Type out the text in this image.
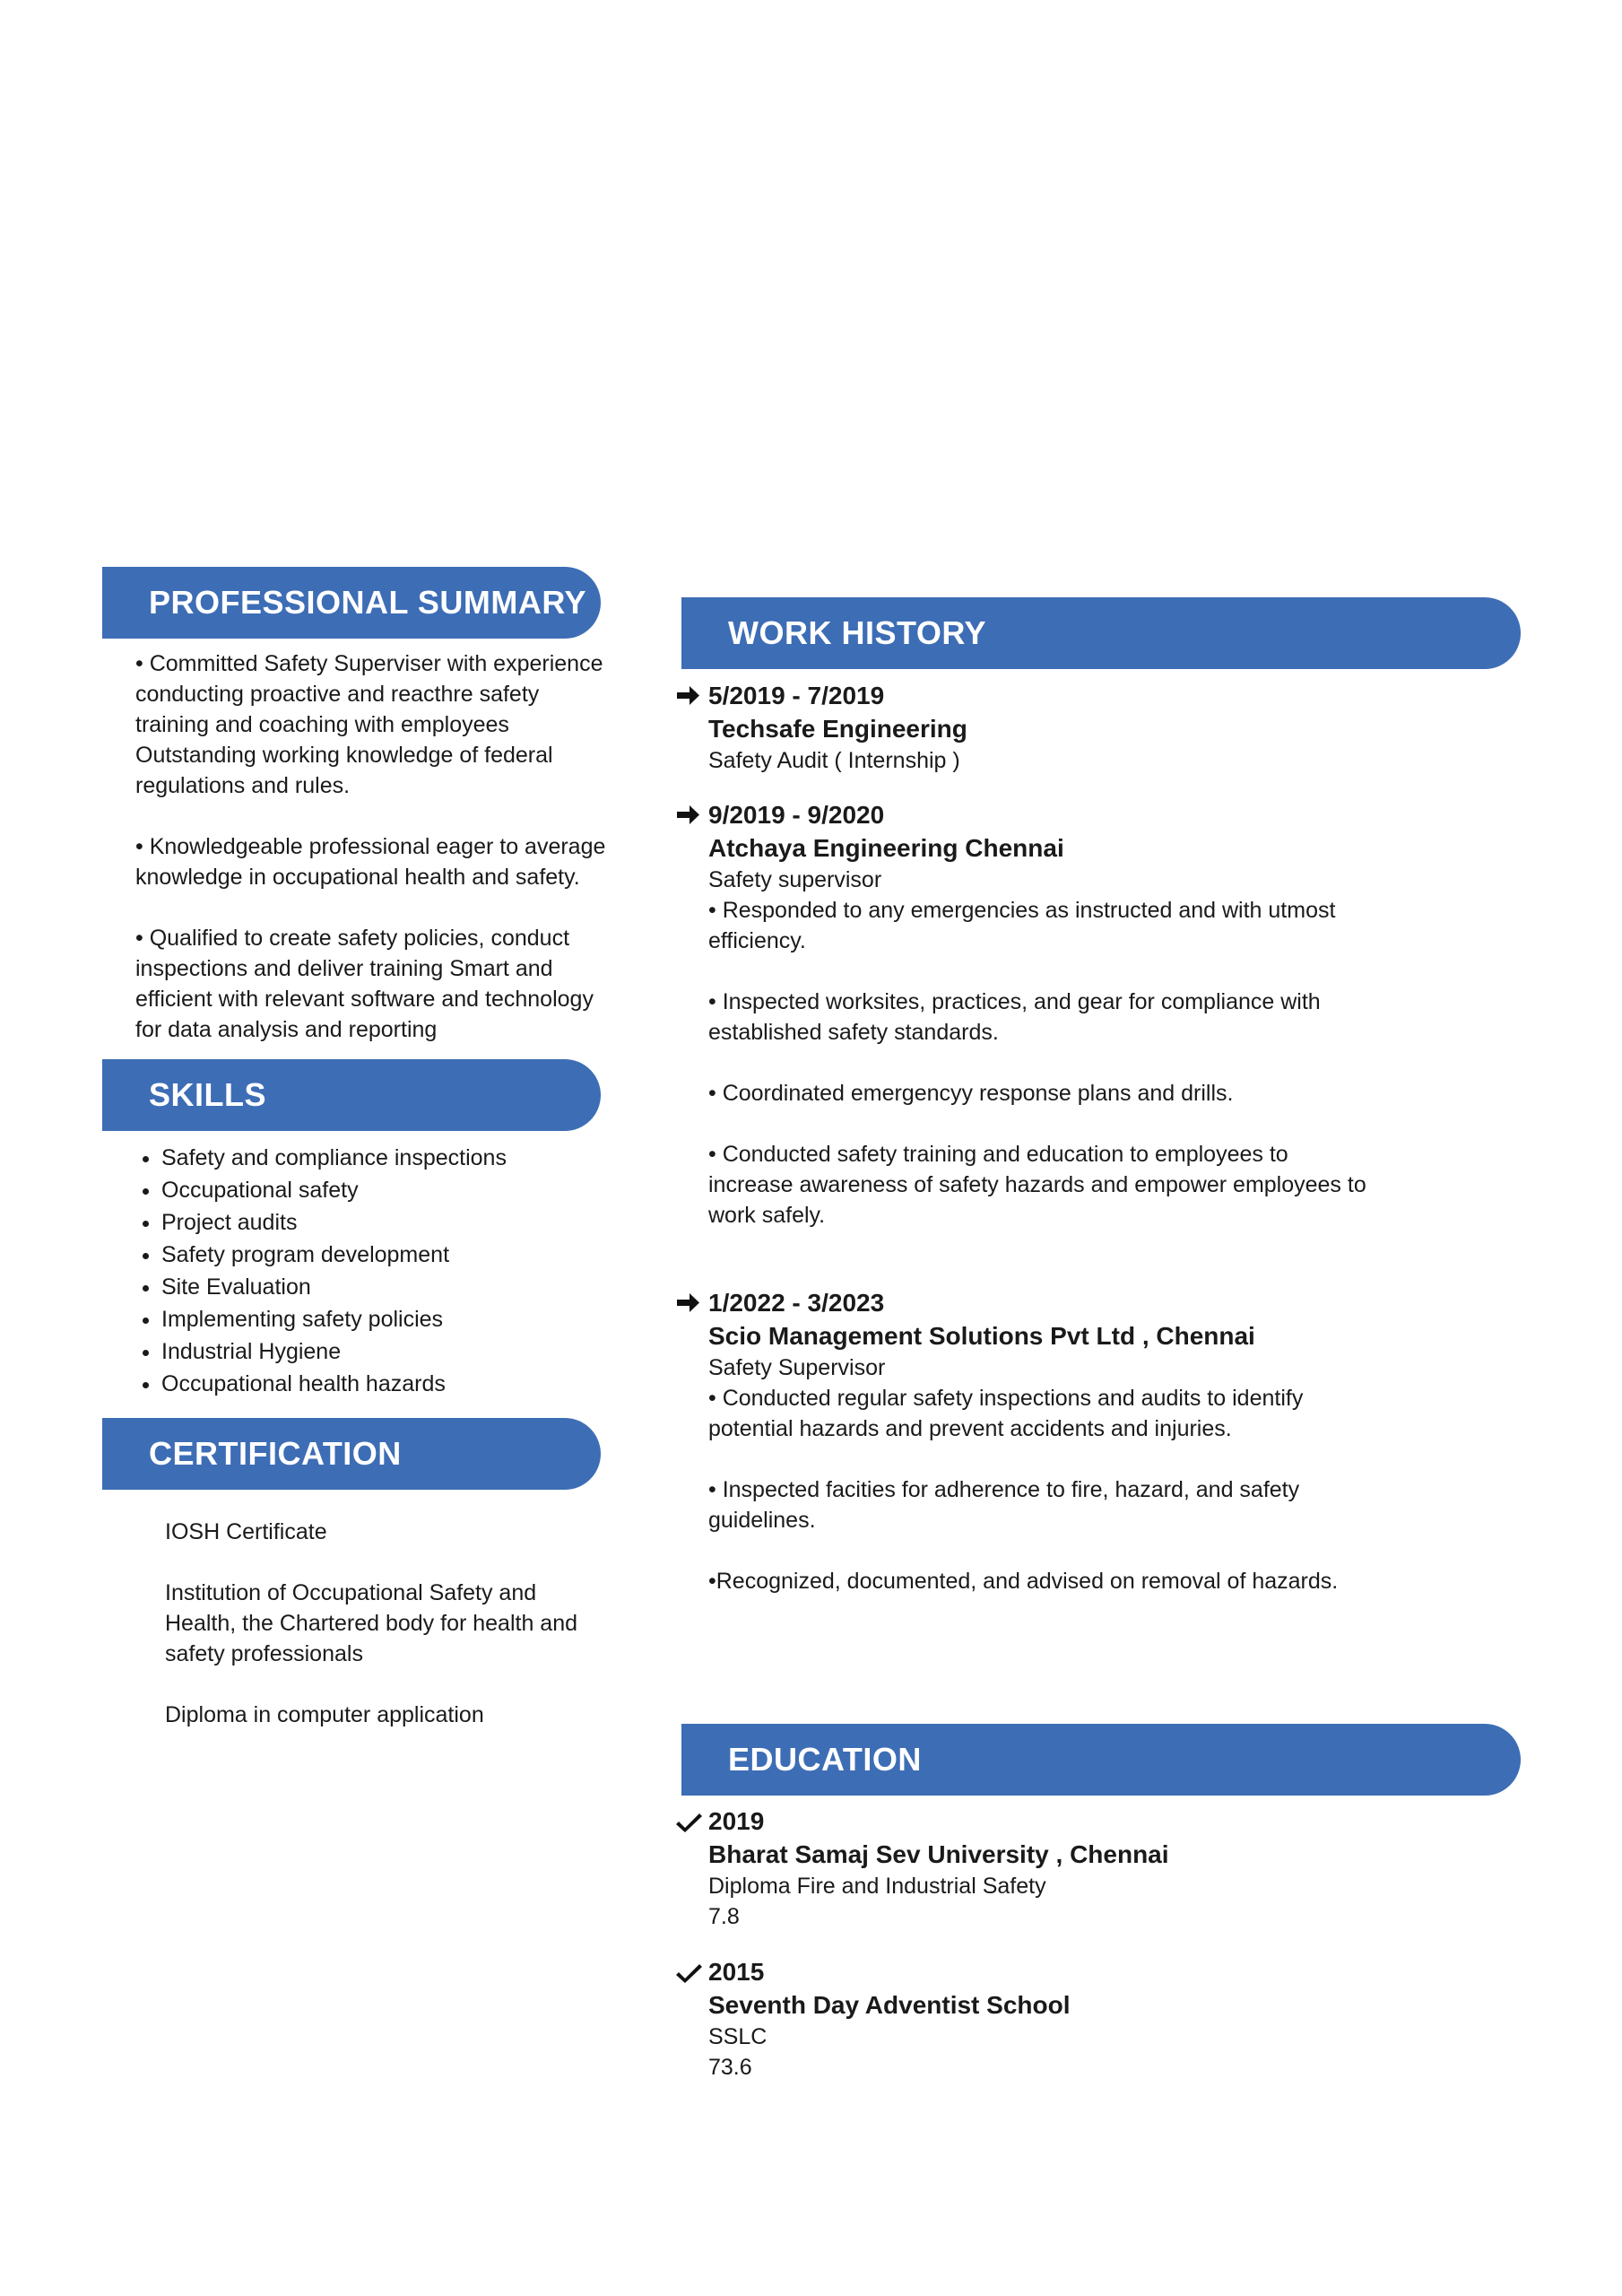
PROFESSIONAL SUMMARY

• Committed Safety Superviser with experience conducting proactive and reacthre safety training and coaching with employees Outstanding working knowledge of federal regulations and rules.

• Knowledgeable professional eager to average knowledge in occupational health and safety.

• Qualified to create safety policies, conduct inspections and deliver training Smart and efficient with relevant software and technology for data analysis and reporting

SKILLS
• Safety and compliance inspections
• Occupational safety
• Project audits
• Safety program development
• Site Evaluation
• Implementing safety policies
• Industrial Hygiene
• Occupational health hazards
CERTIFICATION

IOSH Certificate

Institution of Occupational Safety and Health, the Chartered body for health and safety professionals

Diploma in computer application

WORK HISTORY
5/2019 - 7/2019
Techsafe Engineering
Safety Audit ( Internship )
9/2019 - 9/2020
Atchaya Engineering Chennai
Safety supervisor

• Responded to any emergencies as instructed and with utmost efficiency.

• Inspected worksites, practices, and gear for compliance with established safety standards.

• Coordinated emergencyy response plans and drills.

• Conducted safety training and education to employees to increase awareness of safety hazards and empower employees to work safely.

1/2022 - 3/2023
Scio Management Solutions Pvt Ltd , Chennai
Safety Supervisor

• Conducted regular safety inspections and audits to identify potential hazards and prevent accidents and injuries.

• Inspected facities for adherence to fire, hazard, and safety guidelines.

•Recognized, documented, and advised on removal of hazards.

EDUCATION
2019
Bharat Samaj Sev University , Chennai
Diploma Fire and Industrial Safety
7.8
2015
Seventh Day Adventist School
SSLC
73.6
